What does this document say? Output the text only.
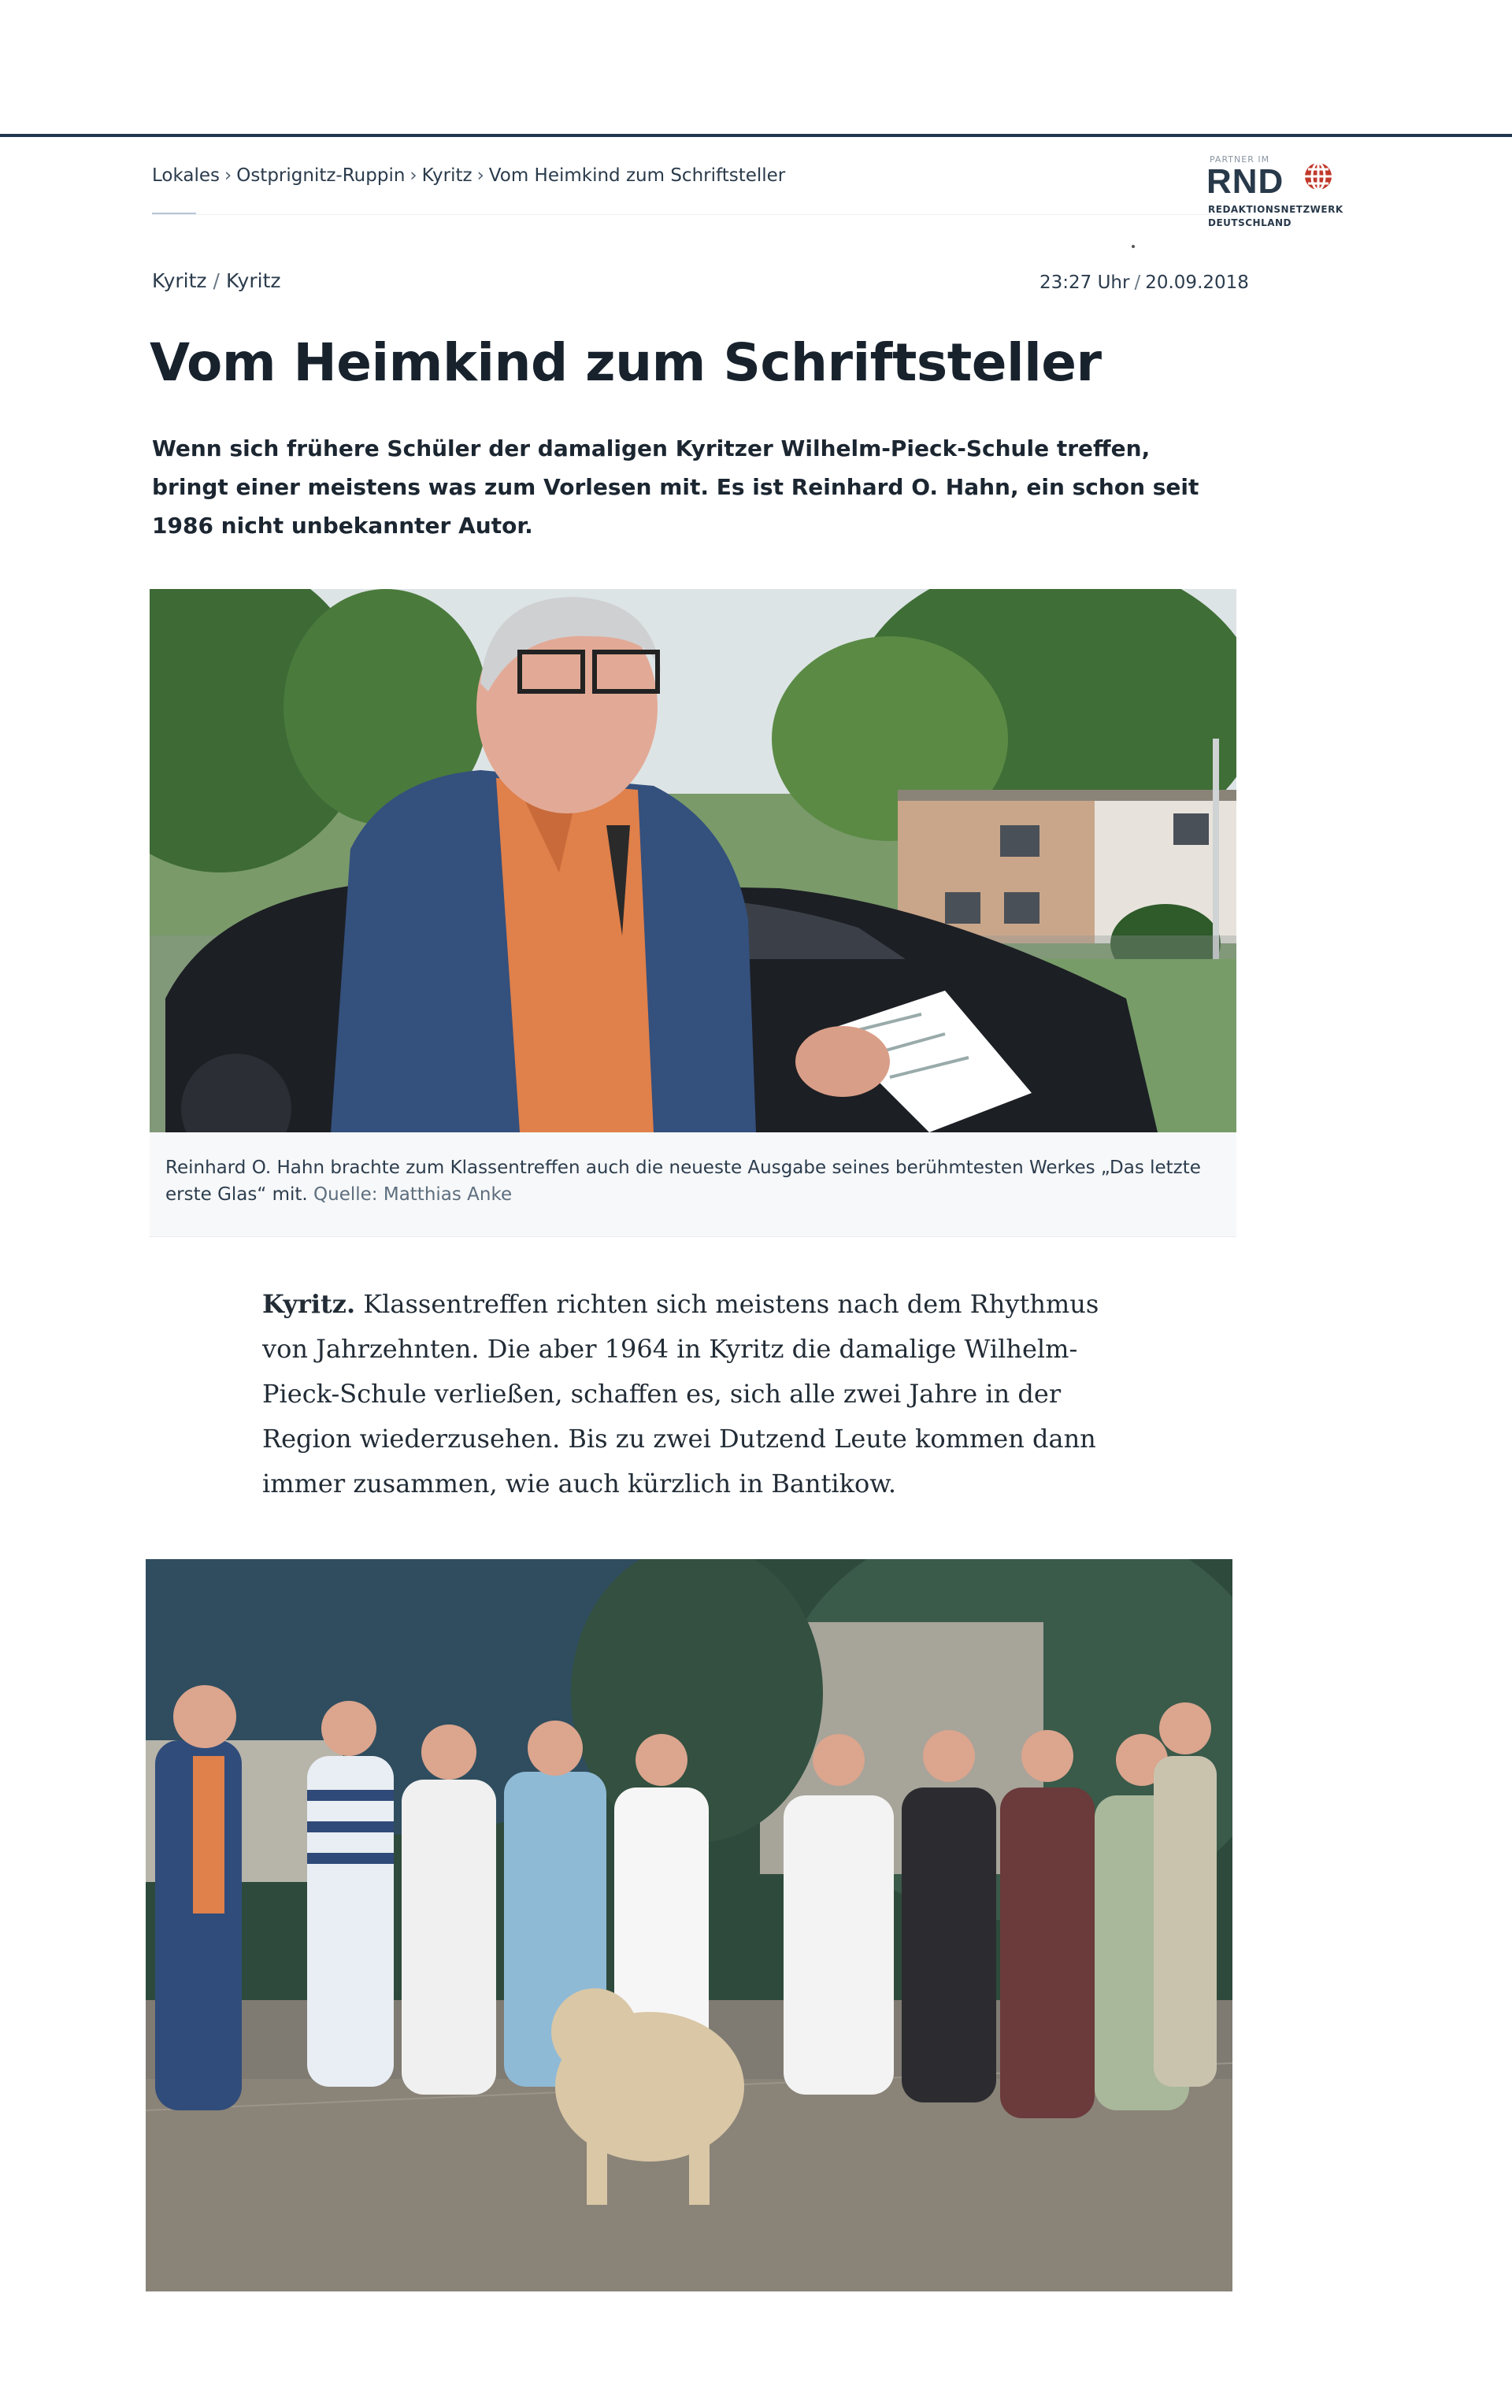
Lokales › Ostprignitz-Ruppin › Kyritz › Vom Heimkind zum Schriftsteller
PARTNER IM
RND
REDAKTIONSNETZWERK
DEUTSCHLAND
Kyritz / Kyritz	23:27 Uhr / 20.09.2018
Vom Heimkind zum Schriftsteller

Wenn sich frühere Schüler der damaligen Kyritzer Wilhelm-Pieck-Schule treffen, bringt einer meistens was zum Vorlesen mit. Es ist Reinhard O. Hahn, ein schon seit 1986 nicht unbekannter Autor.

Reinhard O. Hahn brachte zum Klassentreffen auch die neueste Ausgabe seines berühmtesten Werkes „Das letzte erste Glas“ mit. Quelle: Matthias Anke

Kyritz. Klassentreffen richten sich meistens nach dem Rhythmus von Jahrzehnten. Die aber 1964 in Kyritz die damalige Wilhelm-Pieck-Schule verließen, schaffen es, sich alle zwei Jahre in der Region wiederzusehen. Bis zu zwei Dutzend Leute kommen dann immer zusammen, wie auch kürzlich in Bantikow.
